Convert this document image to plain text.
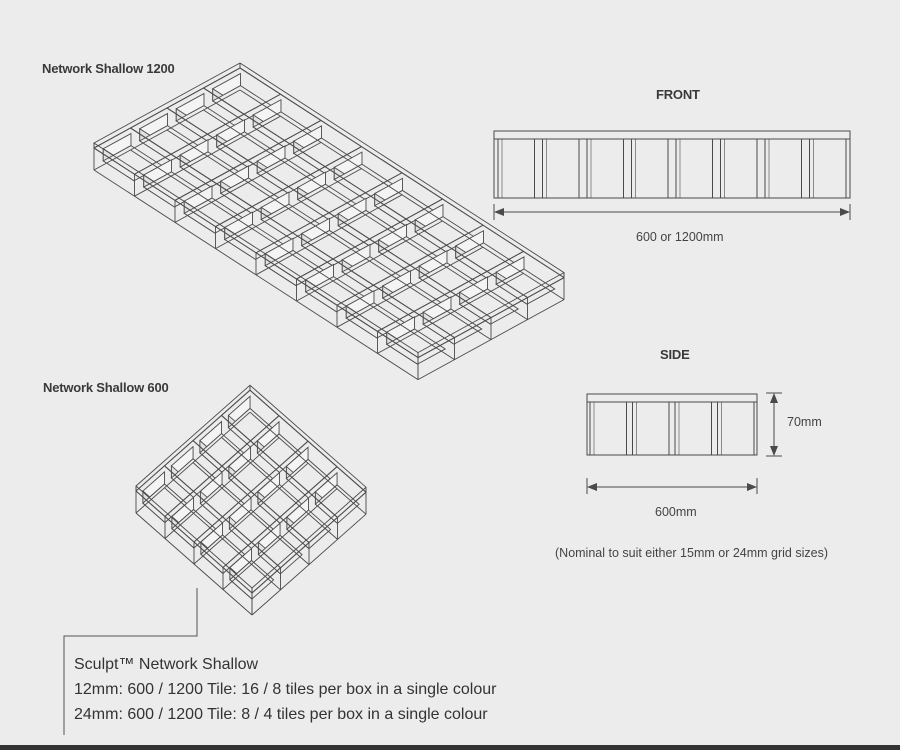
Network Shallow 1200
Network Shallow 600
FRONT
SIDE
600 or 1200mm
600mm
70mm
(Nominal to suit either 15mm or 24mm grid sizes)
Sculpt™ Network Shallow
12mm: 600 / 1200 Tile: 16 / 8 tiles per box in a single colour
24mm: 600 / 1200 Tile: 8 / 4 tiles per box in a single colour
